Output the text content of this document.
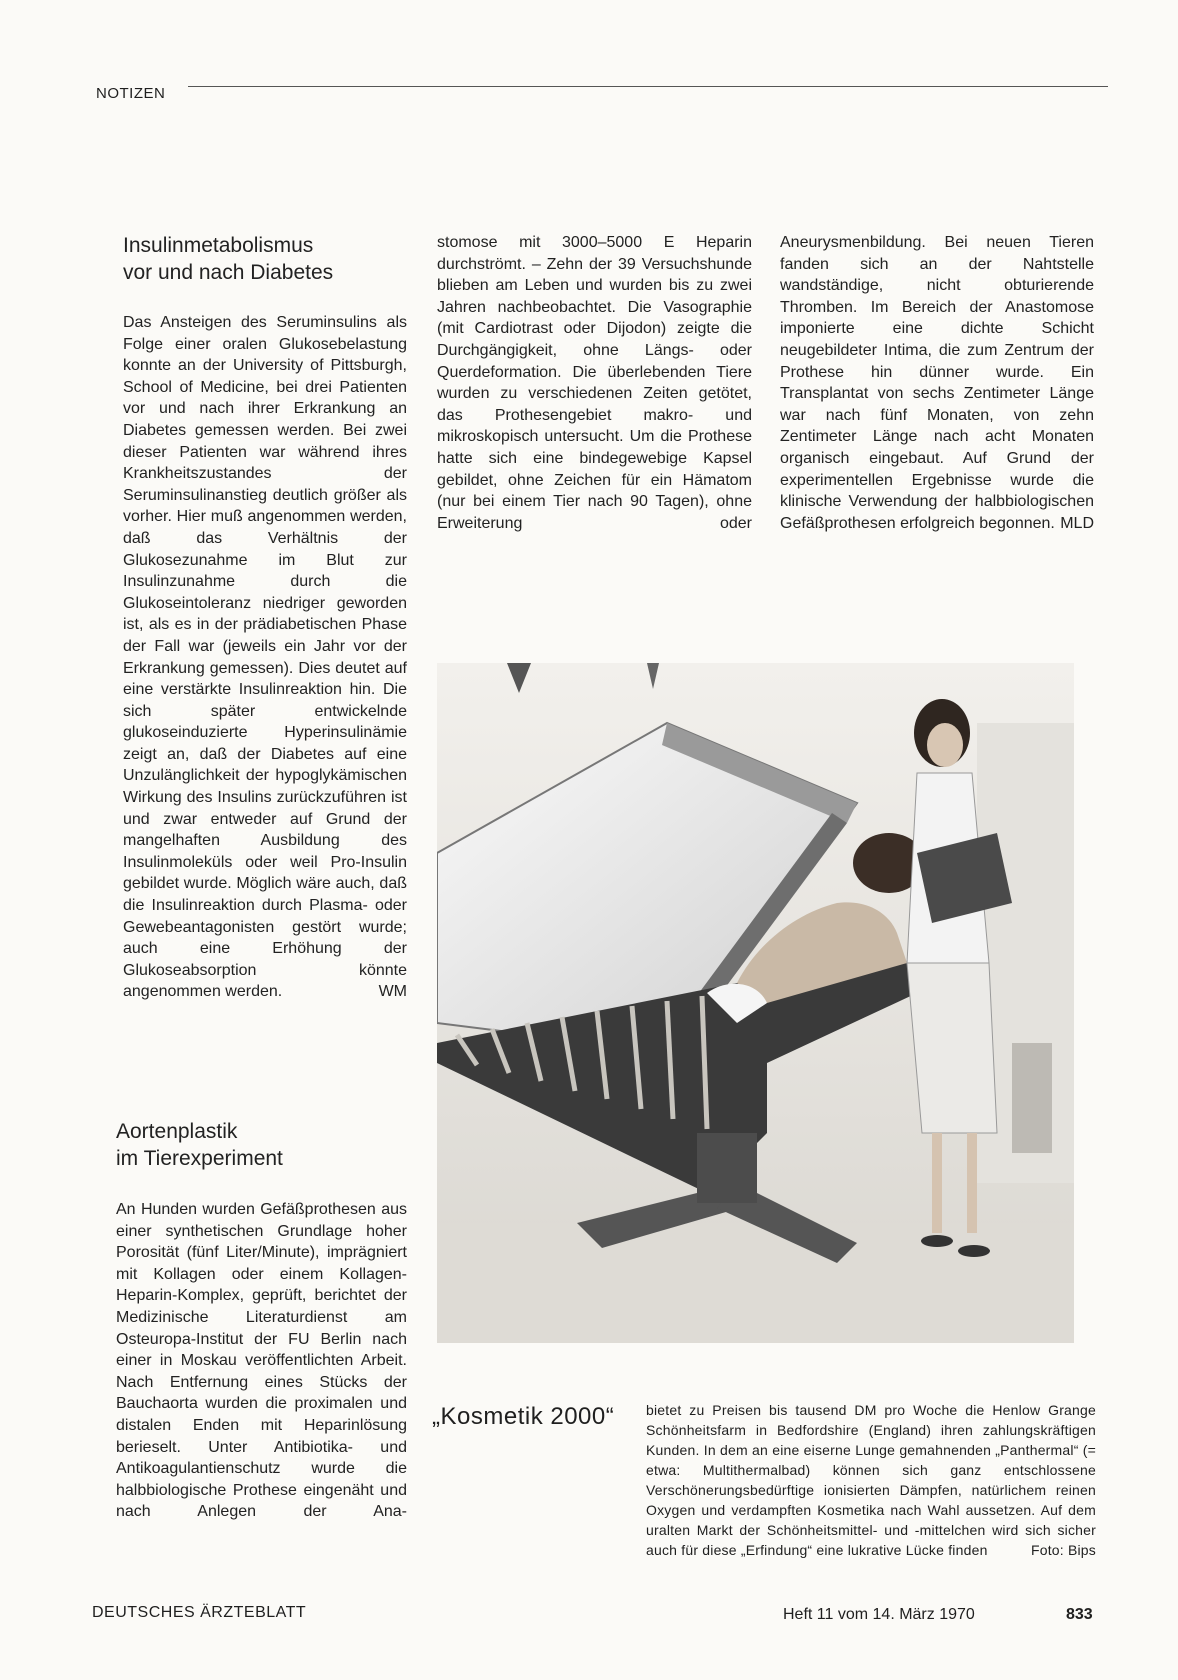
NOTIZEN
Insulinmetabolismus
vor und nach Diabetes

Das Ansteigen des Seruminsulins als Folge einer oralen Glukosebelastung konnte an der University of Pittsburgh, School of Medicine, bei drei Patienten vor und nach ihrer Erkrankung an Diabetes gemessen werden. Bei zwei dieser Patienten war während ihres Krankheitszustandes der Seruminsulinanstieg deutlich größer als vorher. Hier muß angenommen werden, daß das Verhältnis der Glukosezunahme im Blut zur Insulinzunahme durch die Glukoseintoleranz niedriger geworden ist, als es in der prädiabetischen Phase der Fall war (jeweils ein Jahr vor der Erkrankung gemessen). Dies deutet auf eine verstärkte Insulinreaktion hin. Die sich später entwickelnde glukoseinduzierte Hyperinsulinämie zeigt an, daß der Diabetes auf eine Unzulänglichkeit der hypoglykämischen Wirkung des Insulins zurückzuführen ist und zwar entweder auf Grund der mangelhaften Ausbildung des Insulinmoleküls oder weil Pro-Insulin gebildet wurde. Möglich wäre auch, daß die Insulinreaktion durch Plasma- oder Gewebeantagonisten gestört wurde; auch eine Erhöhung der Glukoseabsorption könnte angenommen werden.	WM

Aortenplastik
im Tierexperiment

An Hunden wurden Gefäßprothesen aus einer synthetischen Grundlage hoher Porosität (fünf Liter/Minute), imprägniert mit Kollagen oder einem Kollagen-Heparin-Komplex, geprüft, berichtet der Medizinische Literaturdienst am Osteuropa-Institut der FU Berlin nach einer in Moskau veröffentlichten Arbeit. Nach Entfernung eines Stücks der Bauchaorta wurden die proximalen und distalen Enden mit Heparinlösung berieselt. Unter Antibiotika- und Antikoagulantienschutz wurde die halbbiologische Prothese eingenäht und nach Anlegen der Ana-

stomose mit 3000–5000 E Heparin durchströmt. – Zehn der 39 Versuchshunde blieben am Leben und wurden bis zu zwei Jahren nachbeobachtet. Die Vasographie (mit Cardiotrast oder Dijodon) zeigte die Durchgängigkeit, ohne Längs- oder Querdeformation. Die überlebenden Tiere wurden zu verschiedenen Zeiten getötet, das Prothesengebiet makro- und mikroskopisch untersucht. Um die Prothese hatte sich eine bindegewebige Kapsel gebildet, ohne Zeichen für ein Hämatom (nur bei einem Tier nach 90 Tagen), ohne Erweiterung oder

Aneurysmenbildung. Bei neuen Tieren fanden sich an der Nahtstelle wandständige, nicht obturierende Thromben. Im Bereich der Anastomose imponierte eine dichte Schicht neugebildeter Intima, die zum Zentrum der Prothese hin dünner wurde. Ein Transplantat von sechs Zentimeter Länge war nach fünf Monaten, von zehn Zentimeter Länge nach acht Monaten organisch eingebaut. Auf Grund der experimentellen Ergebnisse wurde die klinische Verwendung der halbbiologischen Gefäßprothesen erfolgreich begonnen. MLD

„Kosmetik 2000“	bietet zu Preisen bis tausend DM pro Woche die Henlow Grange Schönheitsfarm in Bedfordshire (England) ihren zahlungskräftigen Kunden. In dem an eine eiserne Lunge gemahnenden „Panthermal“ (= etwa: Multithermalbad) können sich ganz entschlossene Verschönerungsbedürftige ionisierten Dämpfen, natürlichem reinen Oxygen und verdampften Kosmetika nach Wahl aussetzen. Auf dem uralten Markt der Schönheitsmittel- und -mittelchen wird sich sicher auch für diese „Erfindung“ eine lukrative Lücke finden	Foto: Bips
DEUTSCHES ÄRZTEBLATT	Heft 11 vom 14. März 1970	833
